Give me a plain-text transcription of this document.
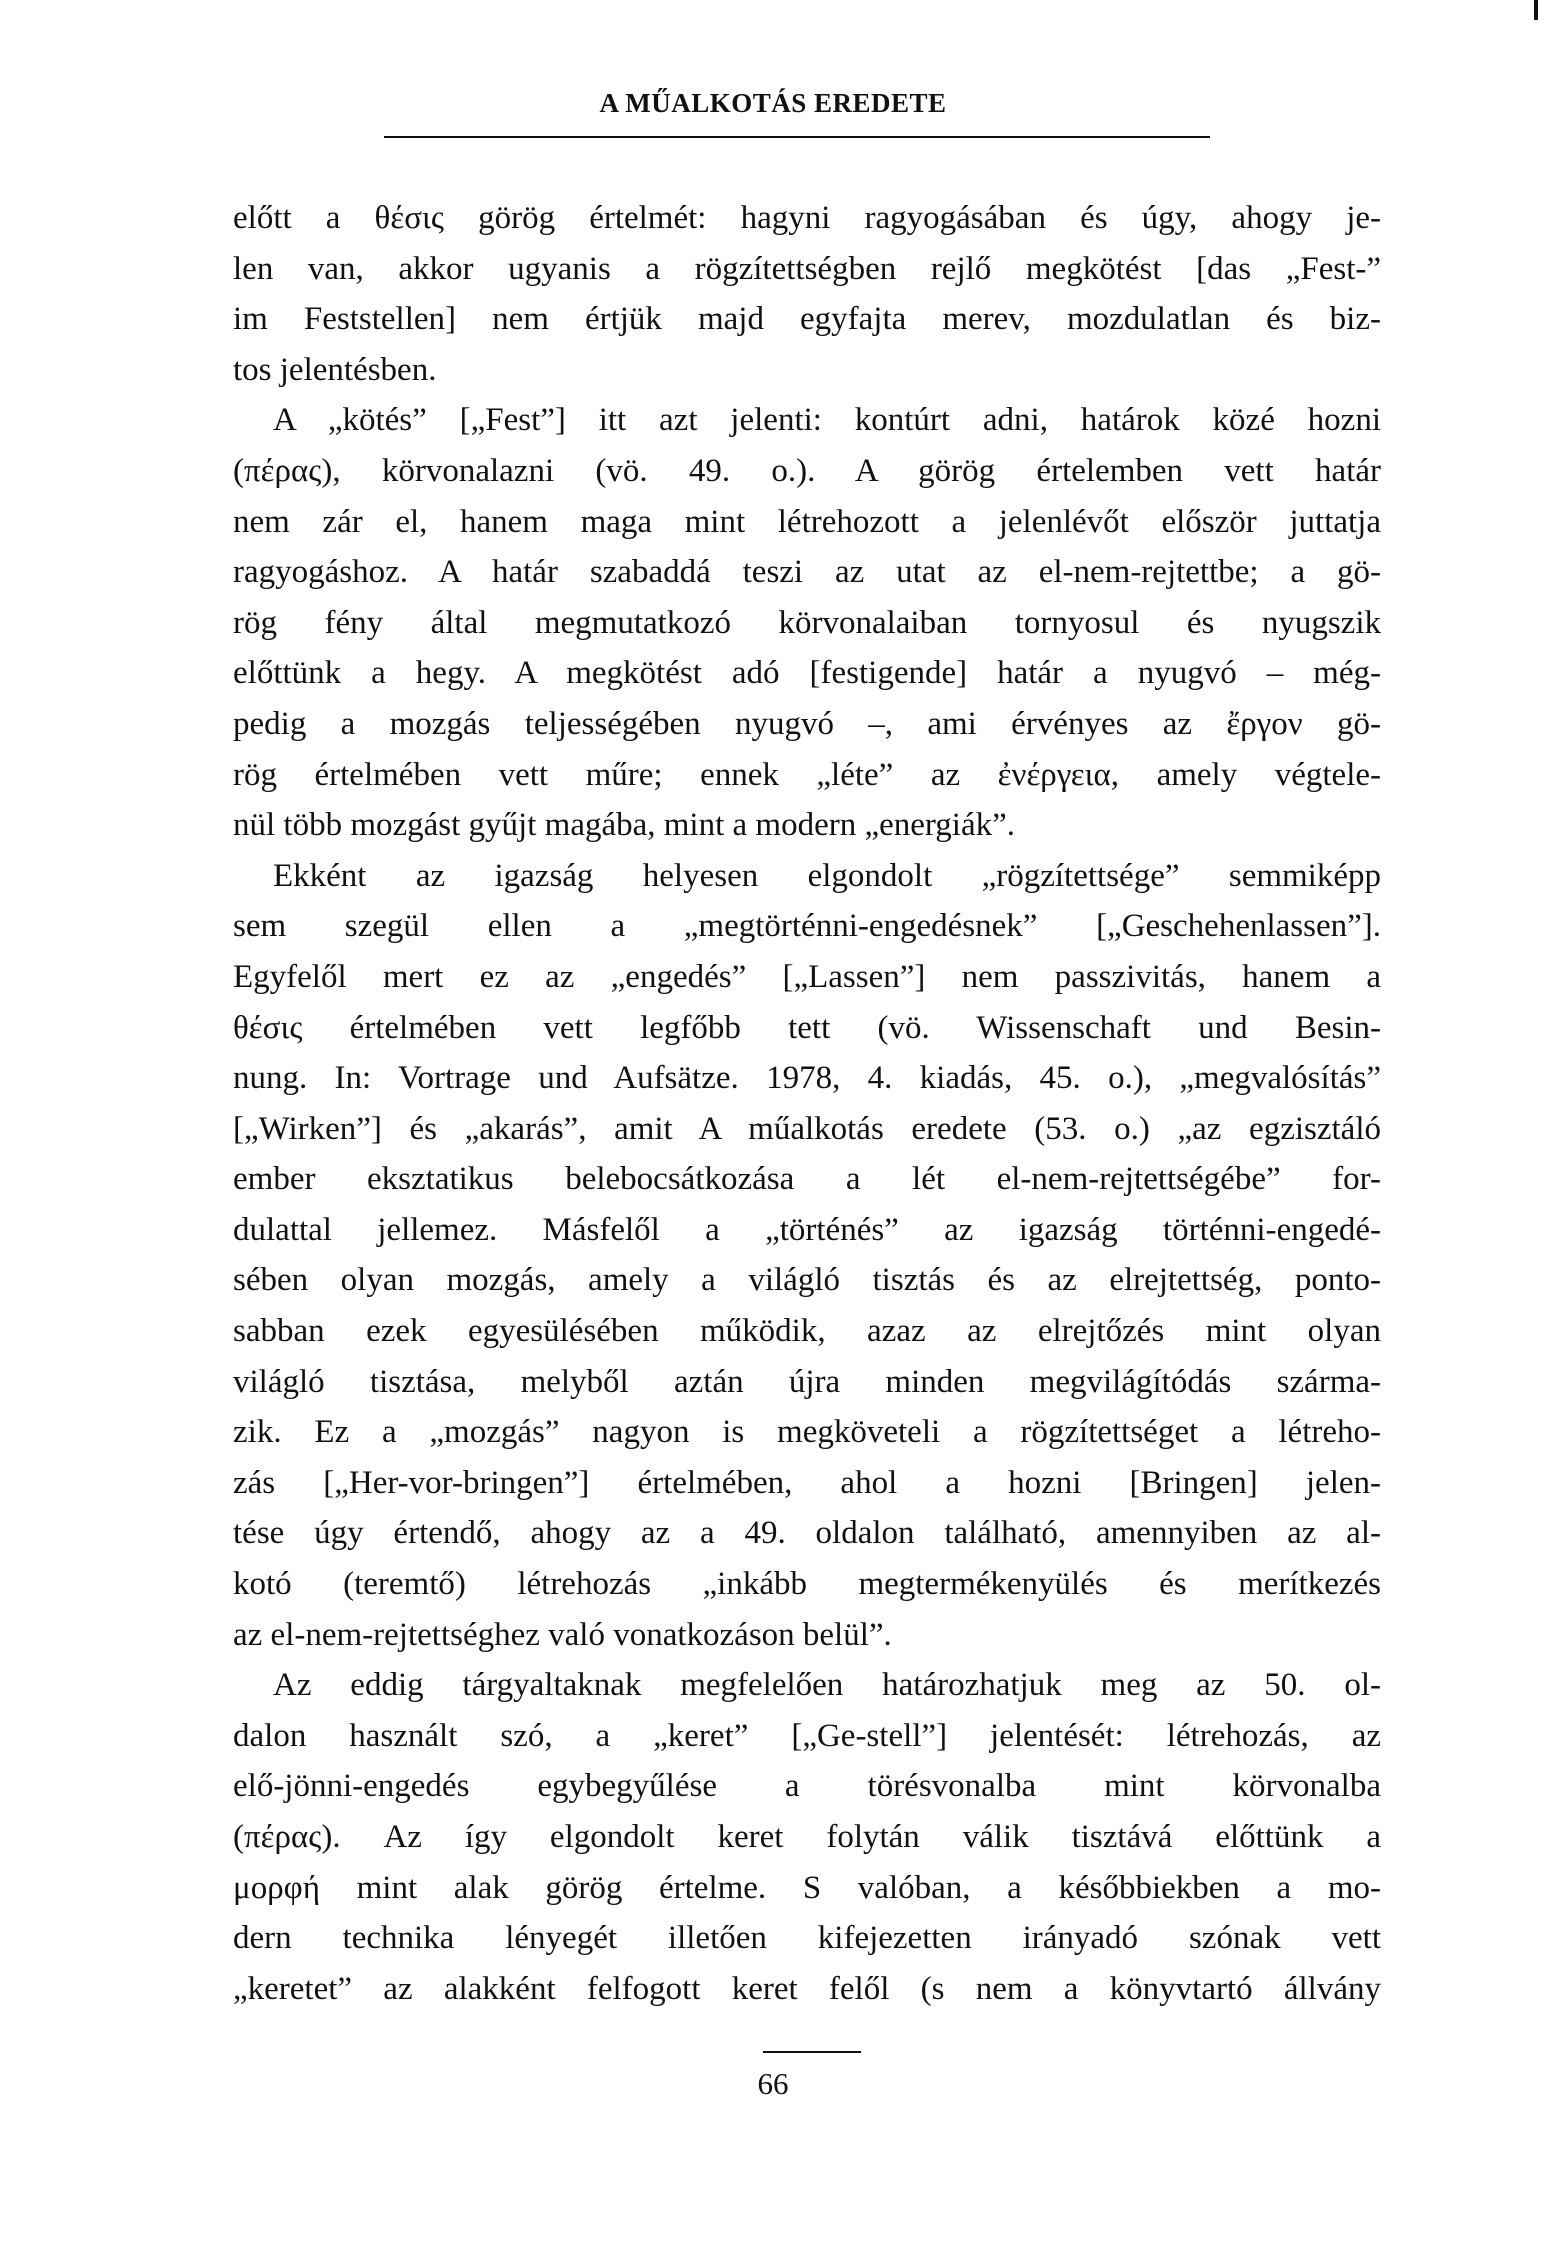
A MŰALKOTÁS EREDETE
előtt a θέσις görög értelmét: hagyni ragyogásában és úgy, ahogy je-
len van, akkor ugyanis a rögzítettségben rejlő megkötést [das „Fest-”
im Feststellen] nem értjük majd egyfajta merev, mozdulatlan és biz-
tos jelentésben.
A „kötés” [„Fest”] itt azt jelenti: kontúrt adni, határok közé hozni
(πέρας), körvonalazni (vö. 49. o.). A görög értelemben vett határ
nem zár el, hanem maga mint létrehozott a jelenlévőt először juttatja
ragyogáshoz. A határ szabaddá teszi az utat az el-nem-rejtettbe; a gö-
rög fény által megmutatkozó körvonalaiban tornyosul és nyugszik
előttünk a hegy. A megkötést adó [festigende] határ a nyugvó – még-
pedig a mozgás teljességében nyugvó –, ami érvényes az ἔργον gö-
rög értelmében vett műre; ennek „léte” az ἐνέργεια, amely végtele-
nül több mozgást gyűjt magába, mint a modern „energiák”.
Ekként az igazság helyesen elgondolt „rögzítettsége” semmiképp
sem szegül ellen a „megtörténni-engedésnek” [„Geschehenlassen”].
Egyfelől mert ez az „engedés” [„Lassen”] nem passzivitás, hanem a
θέσις értelmében vett legfőbb tett (vö. Wissenschaft und Besin-
nung. In: Vortrage und Aufsätze. 1978, 4. kiadás, 45. o.), „megvalósítás”
[„Wirken”] és „akarás”, amit A műalkotás eredete (53. o.) „az egzisztáló
ember eksztatikus belebocsátkozása a lét el-nem-rejtettségébe” for-
dulattal jellemez. Másfelől a „történés” az igazság történni-engedé-
sében olyan mozgás, amely a világló tisztás és az elrejtettség, ponto-
sabban ezek egyesülésében működik, azaz az elrejtőzés mint olyan
világló tisztása, melyből aztán újra minden megvilágítódás szárma-
zik. Ez a „mozgás” nagyon is megköveteli a rögzítettséget a létreho-
zás [„Her-vor-bringen”] értelmében, ahol a hozni [Bringen] jelen-
tése úgy értendő, ahogy az a 49. oldalon található, amennyiben az al-
kotó (teremtő) létrehozás „inkább megtermékenyülés és merítkezés
az el-nem-rejtettséghez való vonatkozáson belül”.
Az eddig tárgyaltaknak megfelelően határozhatjuk meg az 50. ol-
dalon használt szó, a „keret” [„Ge-stell”] jelentését: létrehozás, az
elő-jönni-engedés egybegyűlése a törésvonalba mint körvonalba
(πέρας). Az így elgondolt keret folytán válik tisztává előttünk a
μορφή mint alak görög értelme. S valóban, a későbbiekben a mo-
dern technika lényegét illetően kifejezetten irányadó szónak vett
„keretet” az alakként felfogott keret felől (s nem a könyvtartó állvány

66
